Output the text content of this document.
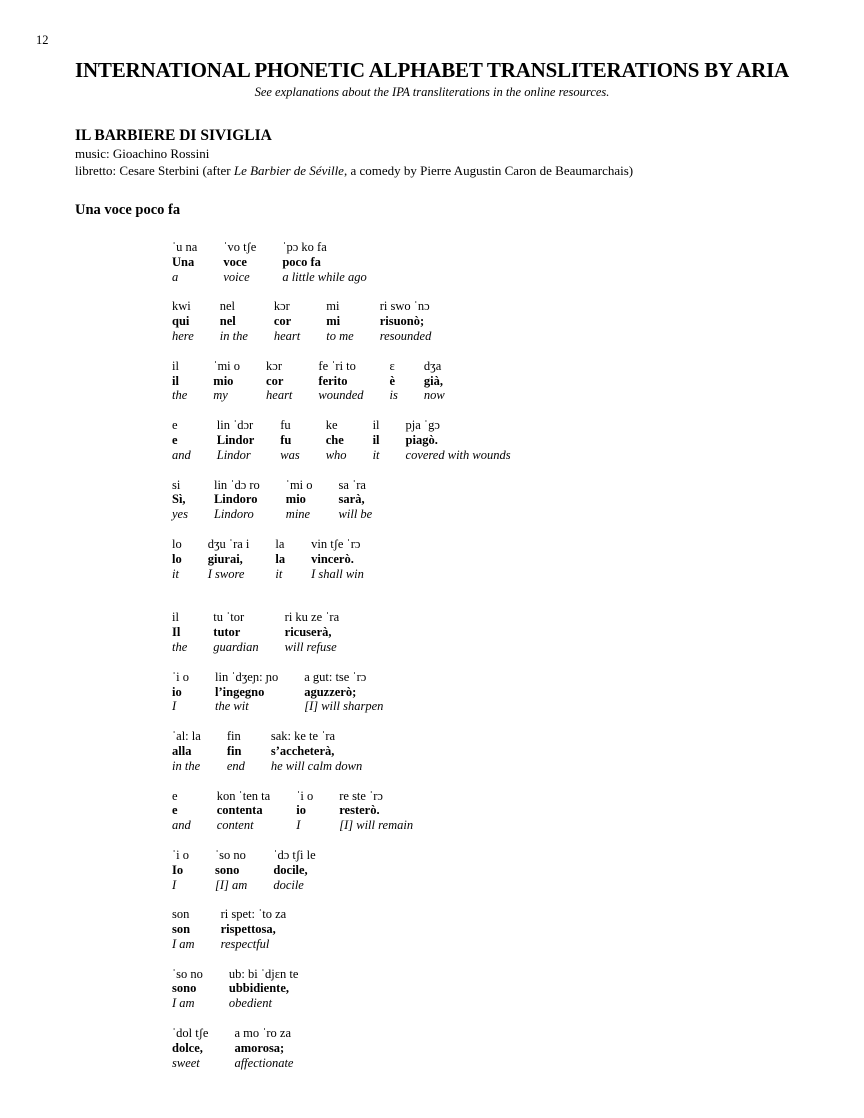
12
INTERNATIONAL PHONETIC ALPHABET TRANSLITERATIONS BY ARIA
See explanations about the IPA transliterations in the online resources.
IL BARBIERE DI SIVIGLIA
music: Gioachino Rossini
libretto: Cesare Sterbini (after Le Barbier de Séville, a comedy by Pierre Augustin Caron de Beaumarchais)
Una voce poco fa
ˈu na
Una
a
ˈvo tʃe
voce
voice
ˈpɔ ko fa
poco fa
a little while ago
kwi
qui
here
nel
nel
in the
kɔr
cor
heart
mi
mi
to me
ri swo ˈnɔ
risuonò;
resounded
il
il
the
ˈmi o
mio
my
kɔr
cor
heart
fe ˈri to
ferito
wounded
ɛ
è
is
dʒa
già,
now
e
e
and
lin ˈdɔr
Lindor
Lindor
fu
fu
was
ke
che
who
il
il
it
pja ˈgɔ
piagò.
covered with wounds
si
Sì,
yes
lin ˈdɔ ro
Lindoro
Lindoro
ˈmi o
mio
mine
sa ˈra
sarà,
will be
lo
lo
it
dʒu ˈra i
giurai,
I swore
la
la
it
vin tʃe ˈrɔ
vincerò.
I shall win
il
Il
the
tu ˈtor
tutor
guardian
ri ku ze ˈra
ricuserà,
will refuse
ˈi o
io
I
lin ˈdʒeɲ: ɲo
l’ingegno
the wit
a gut: tse ˈrɔ
aguzzerò;
[I] will sharpen
ˈal: la
alla
in the
fin
fin
end
sak: ke te ˈra
s’accheterà,
he will calm down
e
e
and
kon ˈten ta
contenta
content
ˈi o
io
I
re ste ˈrɔ
resterò.
[I] will remain
ˈi o
Io
I
ˈso no
sono
[I] am
ˈdɔ tʃi le
docile,
docile
son
son
I am
ri spet: ˈto za
rispettosa,
respectful
ˈso no
sono
I am
ub: bi ˈdjɛn te
ubbidiente,
obedient
ˈdol tʃe
dolce,
sweet
a mo ˈro za
amorosa;
affectionate
